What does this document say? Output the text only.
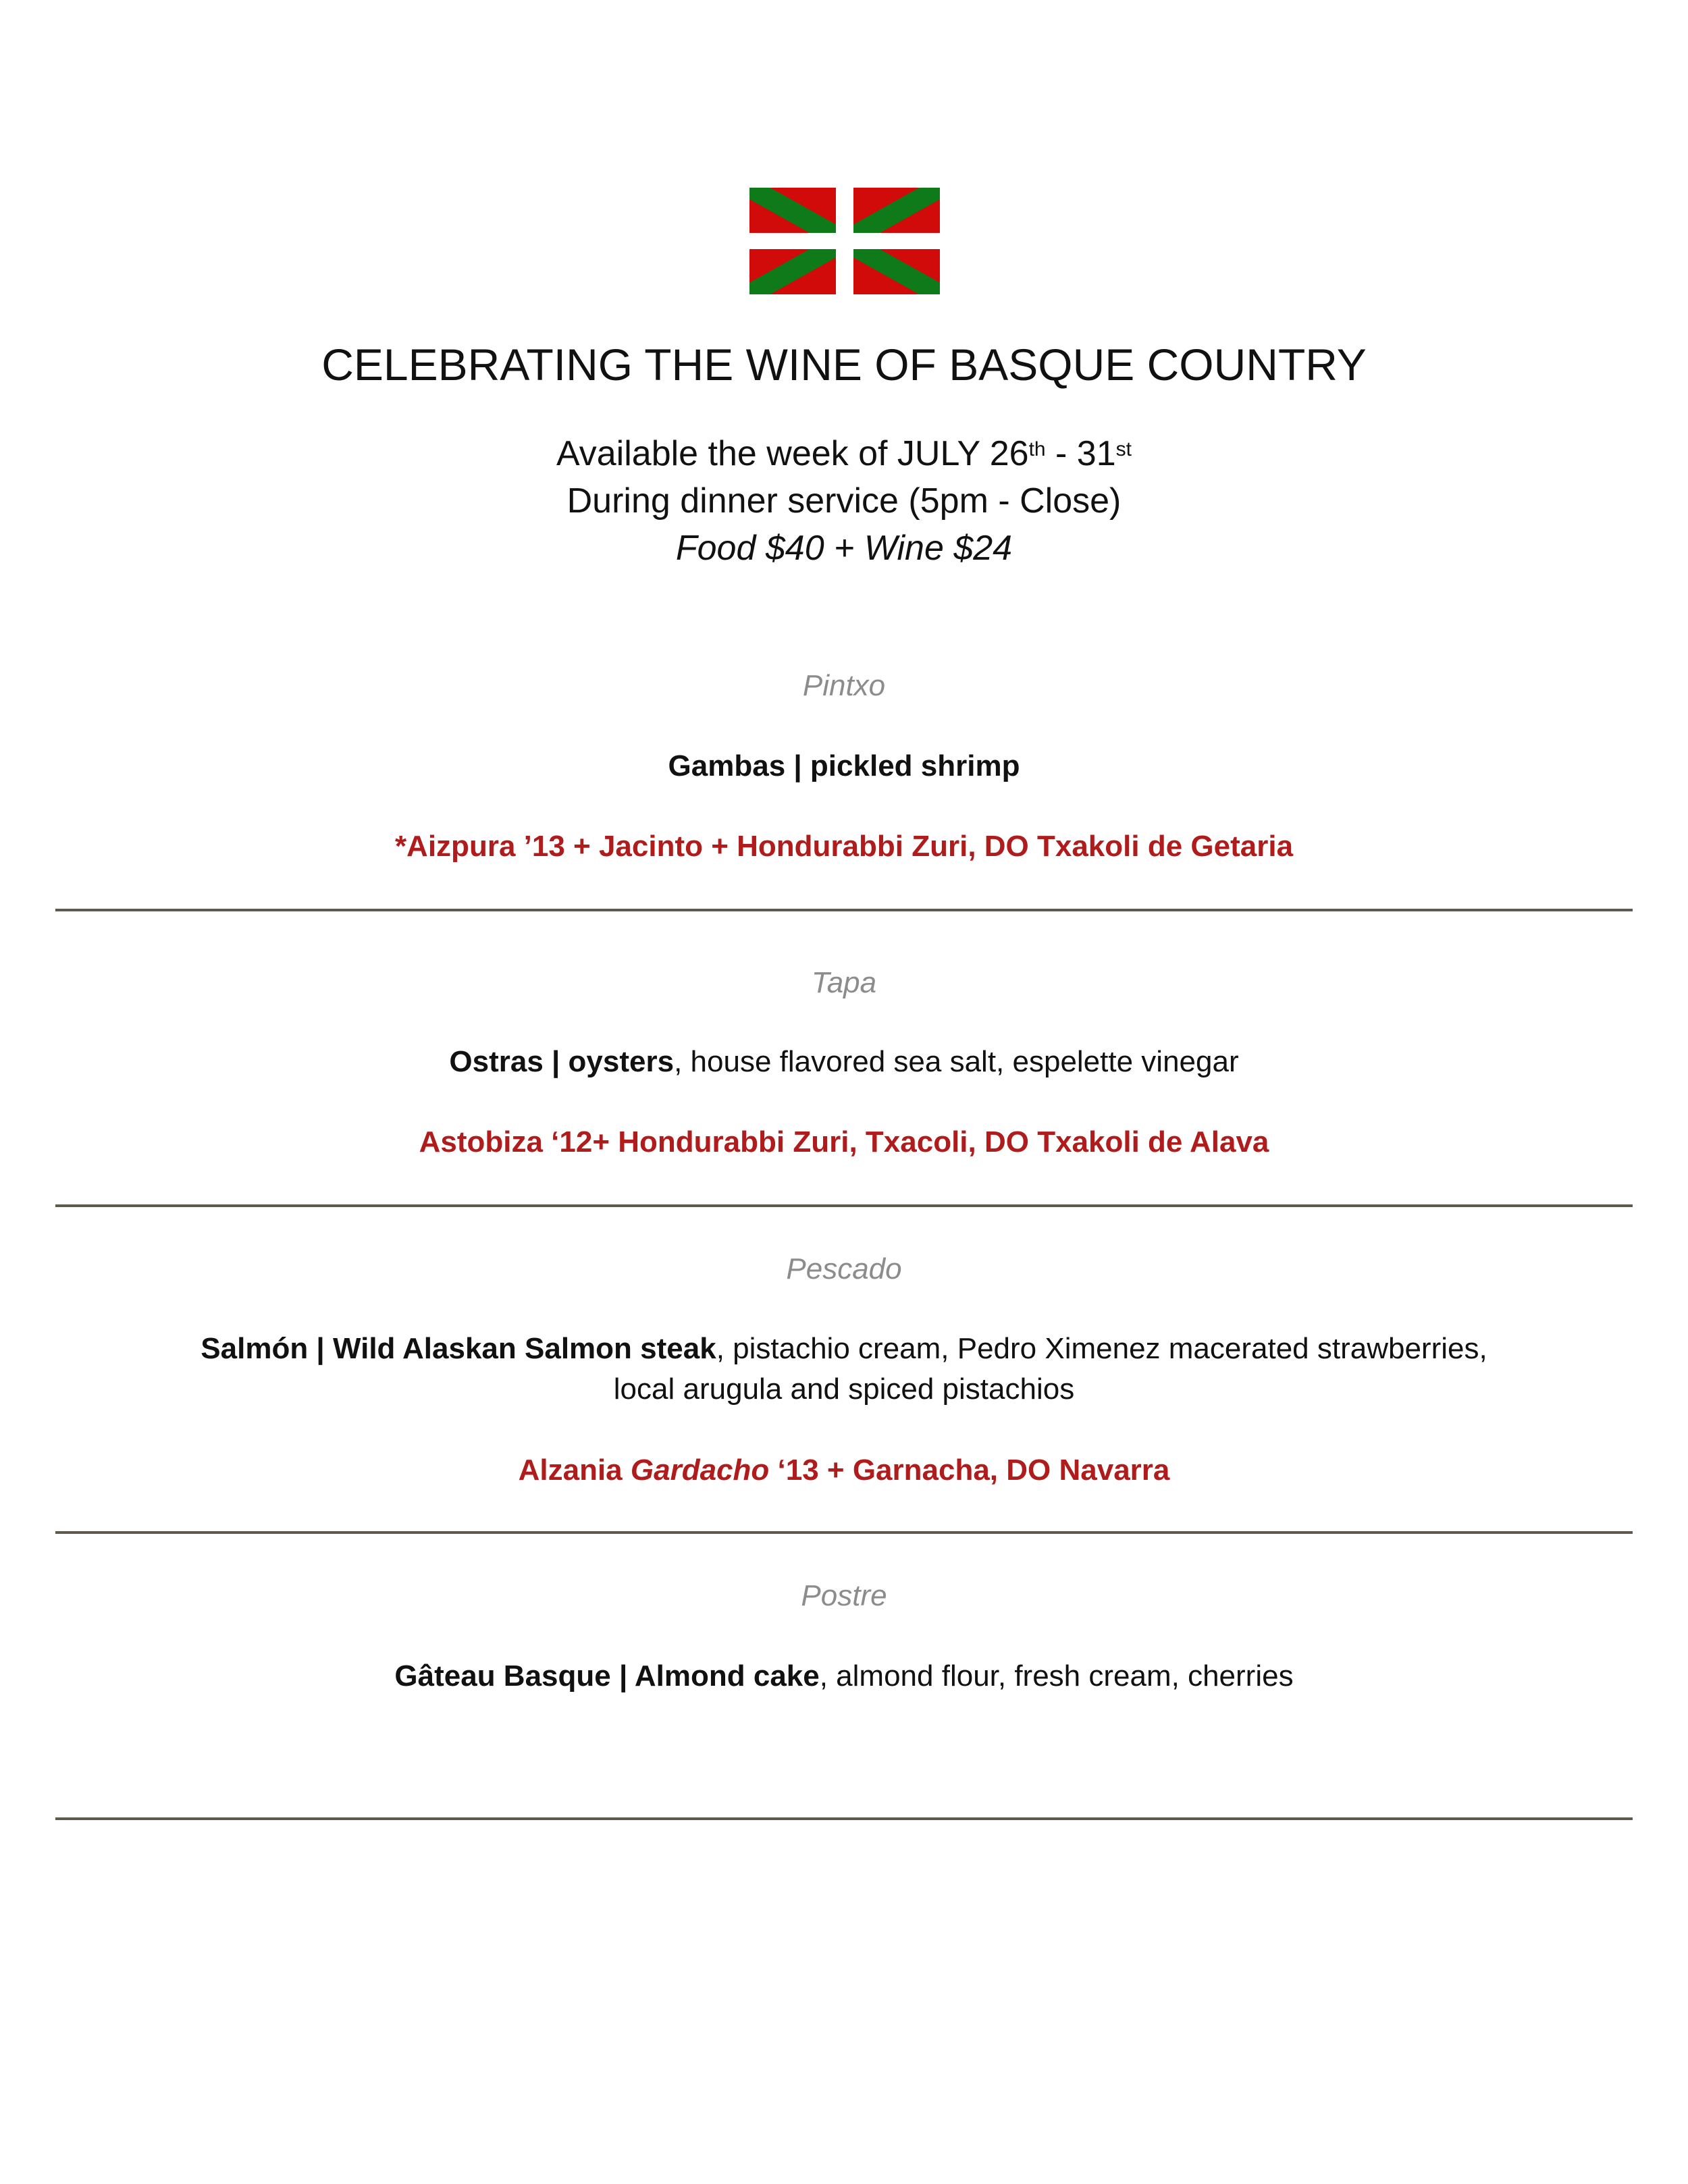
CELEBRATING THE WINE OF BASQUE COUNTRY
Available the week of JULY 26th - 31st
During dinner service (5pm - Close)
Food $40 + Wine $24
Pintxo
Gambas | pickled shrimp
*Aizpura ’13 + Jacinto + Hondurabbi Zuri, DO Txakoli de Getaria
Tapa
Ostras | oysters, house flavored sea salt, espelette vinegar
Astobiza ‘12+ Hondurabbi Zuri, Txacoli, DO Txakoli de Alava
Pescado
Salmón | Wild Alaskan Salmon steak, pistachio cream, Pedro Ximenez macerated strawberries,
local arugula and spiced pistachios
Alzania Gardacho ‘13 + Garnacha, DO Navarra
Postre
Gâteau Basque | Almond cake, almond flour, fresh cream, cherries
